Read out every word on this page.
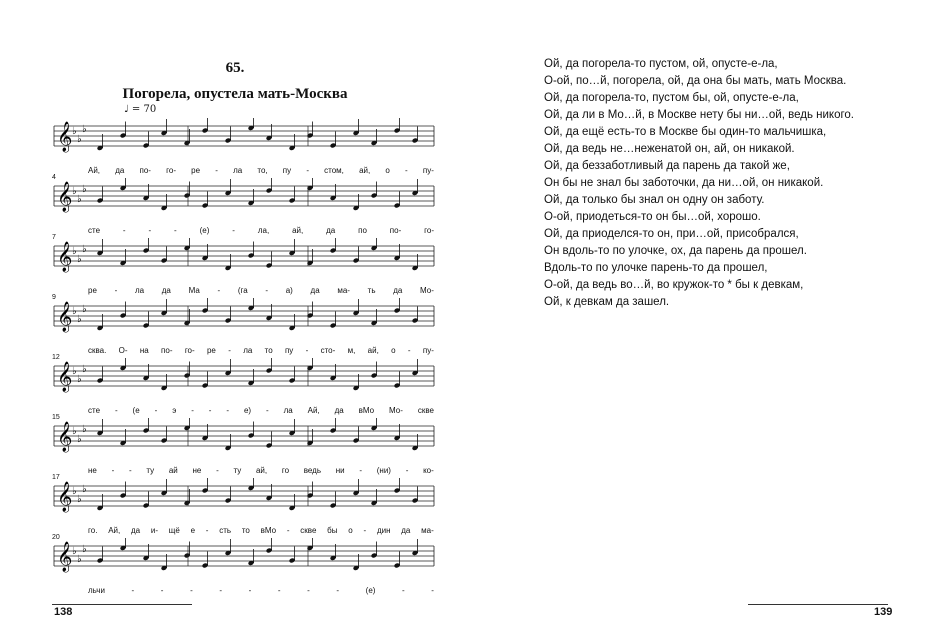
65.
Погорела, опустела мать-Москва
♩ = 70
𝄞 ♭
♭
♭
Ай, да по- го- ре - ла то, пу - стом, ай, о - пу-
4
𝄞 ♭
♭
♭
сте	-	-	-	(е)	-	ла,	ай,	да	по	по-	го-
7
𝄞 ♭
♭
♭
ре - ла да Ма - (га - а) да ма- ть да Мо-
9
𝄞 ♭
♭
♭
сква. О- на по- го- ре - ла то пу - сто- м, ай, о - пу-
12
𝄞 ♭
♭
♭
сте - (е - э - - - е) - ла Ай, да вМо Мо- скве
15
𝄞 ♭
♭
♭
не - - ту ай не - ту ай, го ведь ни - (ни) - ко-
17
𝄞 ♭
♭
♭
го. Ай, да и- щё е - сть то вМо - скве бы о - дин да ма-
20
𝄞 ♭
♭
♭
льчи	-	-	-	-	-	-	-	-	(е)	-	-
138
Ой, да погорела-то пустом, ой, опусте-е-ла,
О-ой, по…й, погорела, ой, да она бы мать, мать Москва.
Ой, да погорела-то, пустом бы, ой, опусте-е-ла,
Ой, да ли в Мо…й, в Москве нету бы ни…ой, ведь никого.
Ой, да ещё есть-то в Москве бы один-то мальчишка,
Ой, да ведь не…неженатой он, ай, он никакой.
Ой, да беззаботливый да парень да такой же,
Он бы не знал бы заботочки, да ни…ой, он никакой.
Ой, да только бы знал он одну он заботу.
О-ой, приодеться-то он бы…ой, хорошо.
Ой, да приоделся-то он, при…ой, присобрался,
Он вдоль-то по улочке, ох, да парень да прошел.
Вдоль-то по улочке парень-то да прошел,
О-ой, да ведь во…й, во кружок-то * бы к девкам,
Ой, к девкам да зашел.
139
